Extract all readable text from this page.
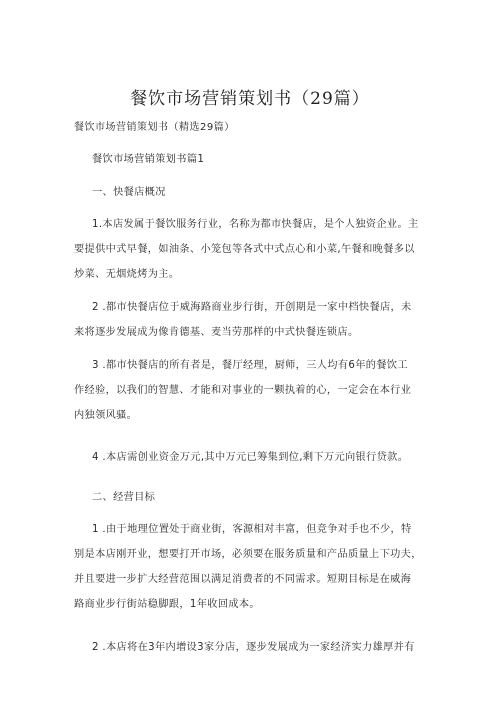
餐饮市场营销策划书（29篇）
餐饮市场营销策划书（精选29篇）
餐饮市场营销策划书篇1
一、快餐店概况
1.本店发属于餐饮服务行业，名称为都市快餐店，是个人独资企业。主
要提供中式早餐，如油条、小笼包等各式中式点心和小菜,午餐和晚餐多以
炒菜、无烟烧烤为主。
2 .都市快餐店位于威海路商业步行街，开创期是一家中档快餐店，未
来将逐步发展成为像肯德基、麦当劳那样的中式快餐连锁店。
3 .都市快餐店的所有者是，餐厅经理，厨师，三人均有6年的餐饮工
作经验，以我们的智慧、才能和对事业的一颗执着的心，一定会在本行业
内独领风骚。
4 .本店需创业资金万元,其中万元已筹集到位,剩下万元向银行贷款。
二、经营目标
1 .由于地理位置处于商业街，客源相对丰富，但竞争对手也不少，特
别是本店刚开业，想要打开市场，必须要在服务质量和产品质量上下功夫，
并且要进一步扩大经营范围以满足消费者的不同需求。短期目标是在威海
路商业步行街站稳脚跟，1年收回成本。
2 .本店将在3年内增设3家分店，逐步发展成为一家经济实力雄厚并有
